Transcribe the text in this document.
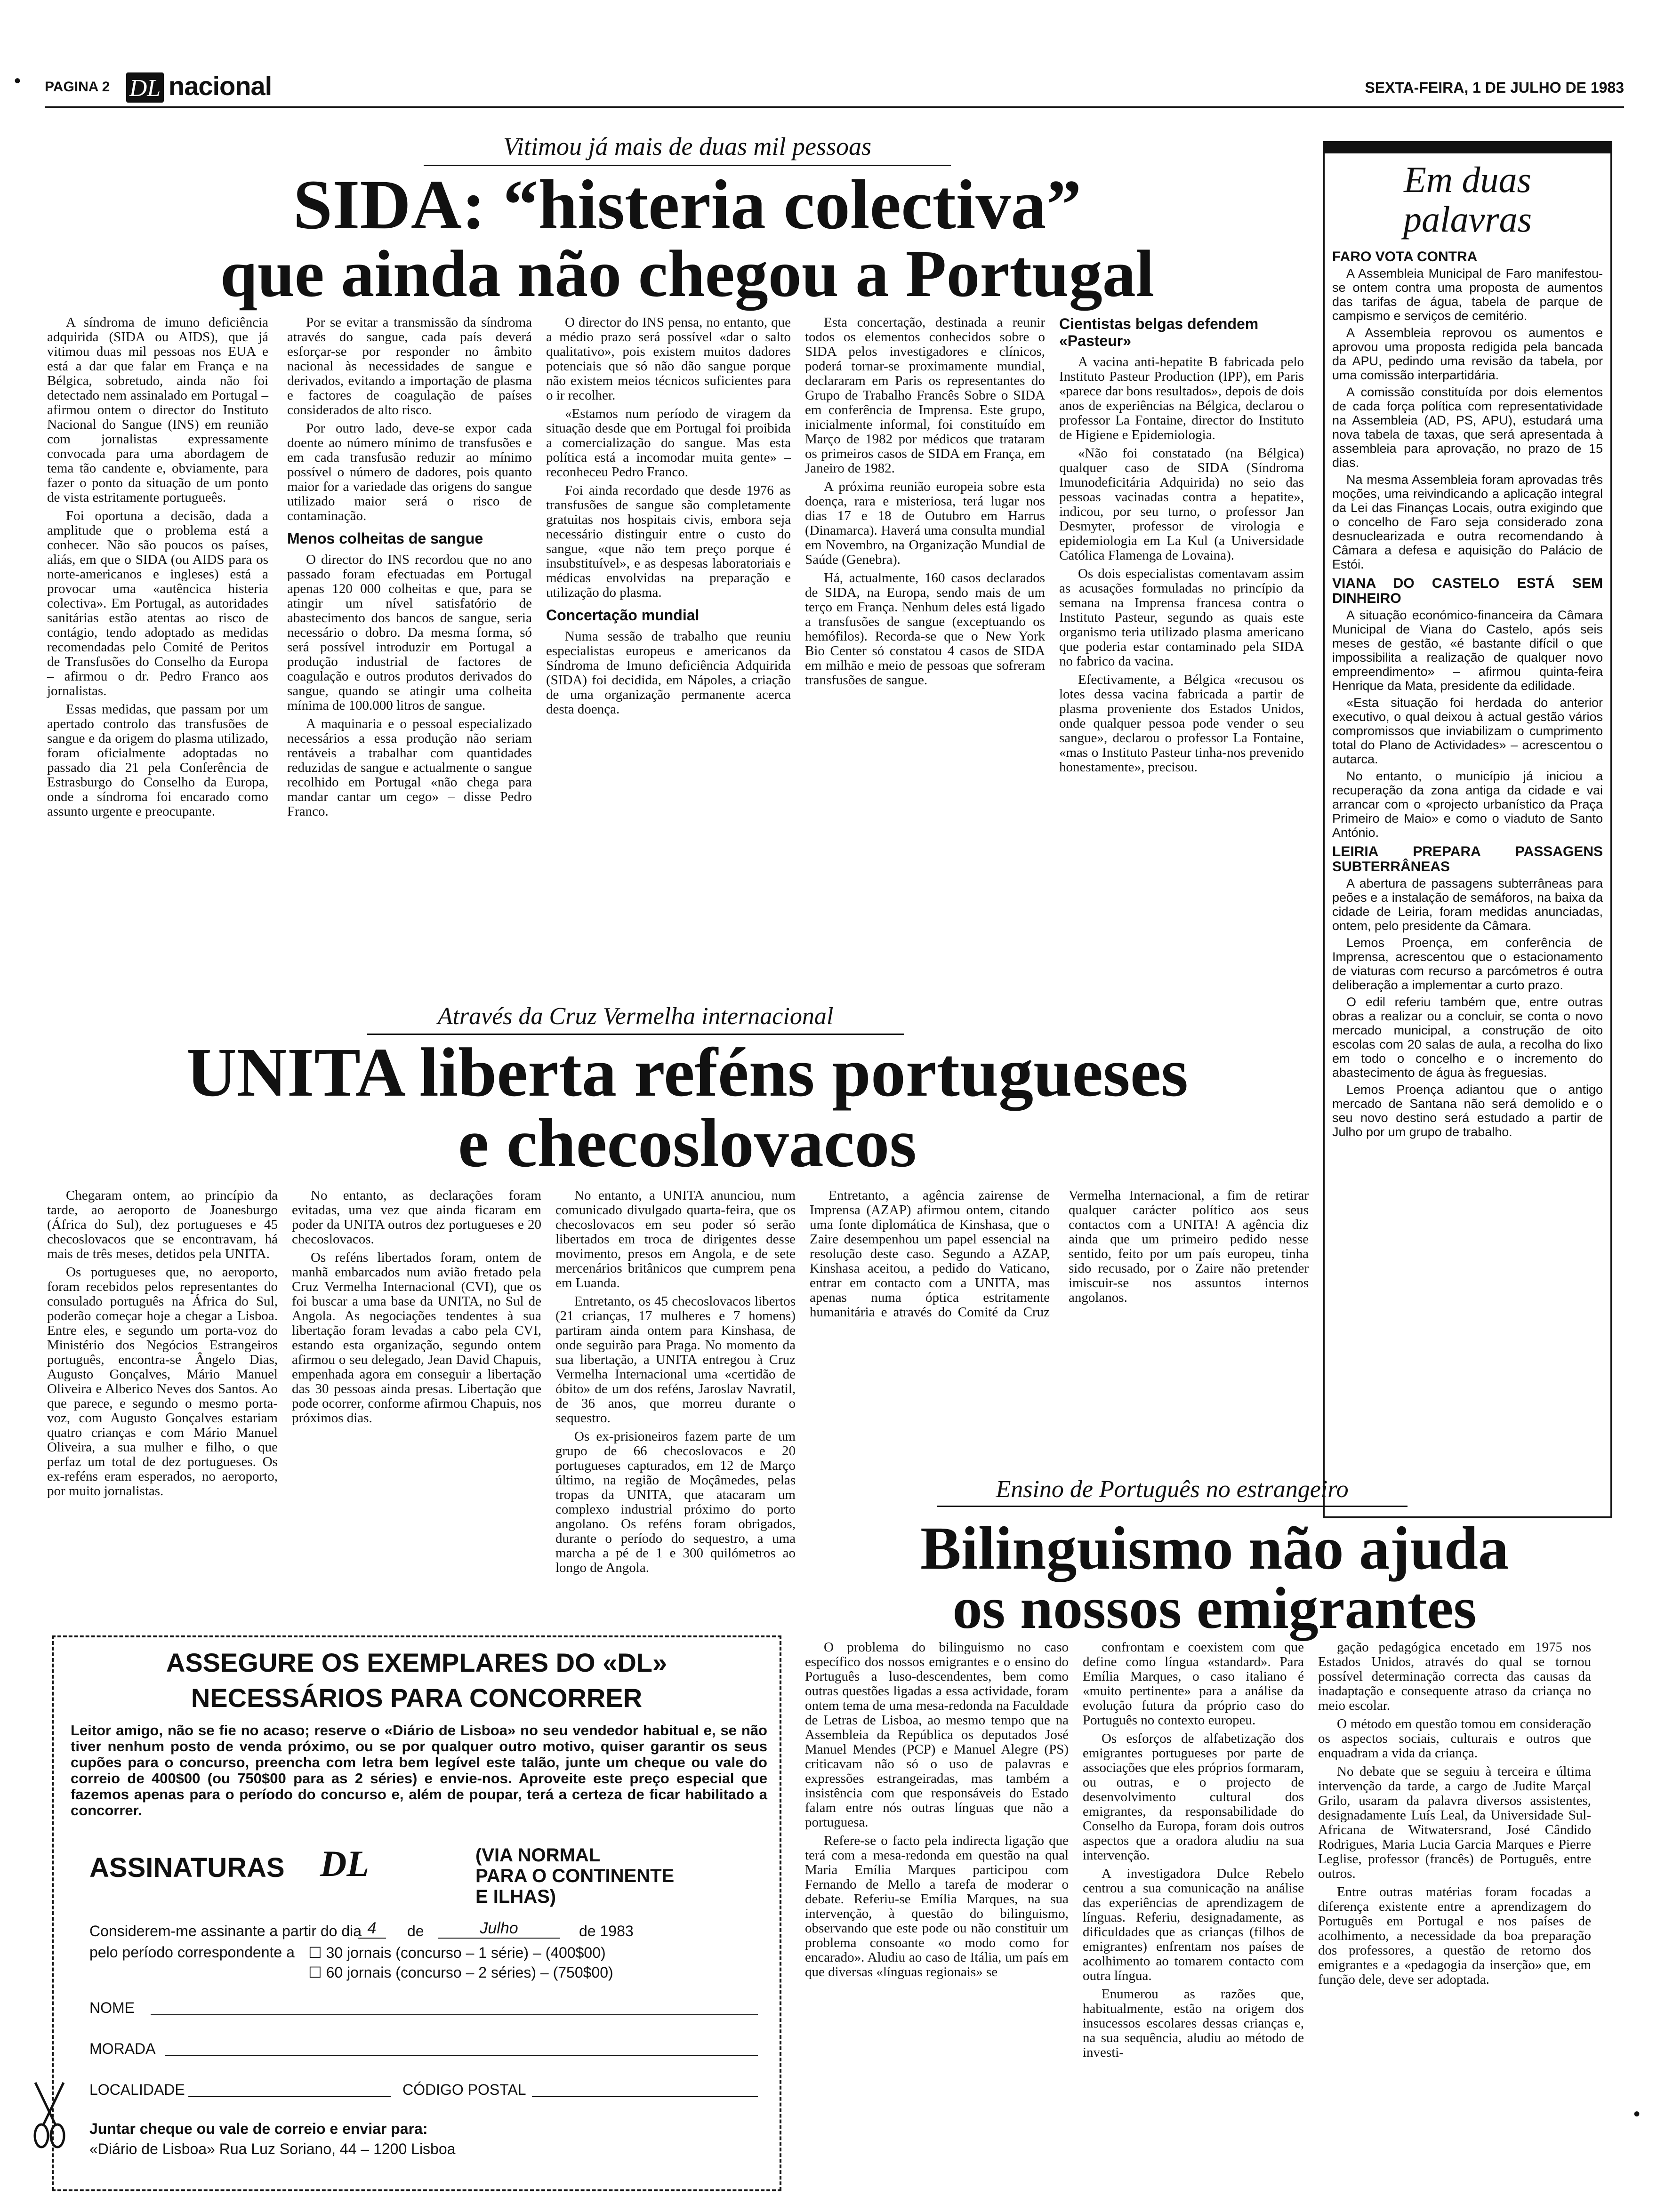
PAGINA 2 DL nacional	SEXTA-FEIRA, 1 DE JULHO DE 1983
Vitimou já mais de duas mil pessoas
SIDA: “histeria colectiva”
que ainda não chegou a Portugal

A síndroma de imuno deficiência adquirida (SIDA ou AIDS), que já vitimou duas mil pessoas nos EUA e está a dar que falar em França e na Bélgica, sobretudo, ainda não foi detectado nem assinalado em Portugal – afirmou ontem o director do Instituto Nacional do Sangue (INS) em reunião com jornalistas expressamente convocada para uma abordagem de tema tão candente e, obviamente, para fazer o ponto da situação de um ponto de vista estritamente portugueês.

Foi oportuna a decisão, dada a amplitude que o problema está a conhecer. Não são poucos os países, aliás, em que o SIDA (ou AIDS para os norte-americanos e ingleses) está a provocar uma «autêncica histeria colectiva». Em Portugal, as autoridades sanitárias estão atentas ao risco de contágio, tendo adoptado as medidas recomendadas pelo Comité de Peritos de Transfusões do Conselho da Europa – afirmou o dr. Pedro Franco aos jornalistas.

Essas medidas, que passam por um apertado controlo das transfusões de sangue e da origem do plasma utilizado, foram oficialmente adoptadas no passado dia 21 pela Conferência de Estrasburgo do Conselho da Europa, onde a síndroma foi encarado como assunto urgente e preocupante.

Por se evitar a transmissão da síndroma através do sangue, cada país deverá esforçar-se por responder no âmbito nacional às necessidades de sangue e derivados, evitando a importação de plasma e factores de coagulação de países considerados de alto risco.

Por outro lado, deve-se expor cada doente ao número mínimo de transfusões e em cada transfusão reduzir ao mínimo possível o número de dadores, pois quanto maior for a variedade das origens do sangue utilizado maior será o risco de contaminação.

Menos colheitas de sangue

O director do INS recordou que no ano passado foram efectuadas em Portugal apenas 120 000 colheitas e que, para se atingir um nível satisfatório de abastecimento dos bancos de sangue, seria necessário o dobro. Da mesma forma, só será possível introduzir em Portugal a produção industrial de factores de coagulação e outros produtos derivados do sangue, quando se atingir uma colheita mínima de 100.000 litros de sangue.

A maquinaria e o pessoal especializado necessários a essa produção não seriam rentáveis a trabalhar com quantidades reduzidas de sangue e actualmente o sangue recolhido em Portugal «não chega para mandar cantar um cego» – disse Pedro Franco.

O director do INS pensa, no entanto, que a médio prazo será possível «dar o salto qualitativo», pois existem muitos dadores potenciais que só não dão sangue porque não existem meios técnicos suficientes para o ir recolher.

«Estamos num período de viragem da situação desde que em Portugal foi proibida a comercialização do sangue. Mas esta política está a incomodar muita gente» – reconheceu Pedro Franco.

Foi ainda recordado que desde 1976 as transfusões de sangue são completamente gratuitas nos hospitais civis, embora seja necessário distinguir entre o custo do sangue, «que não tem preço porque é insubstituível», e as despesas laboratoriais e médicas envolvidas na preparação e utilização do plasma.

Concertação mundial

Numa sessão de trabalho que reuniu especialistas europeus e americanos da Síndroma de Imuno deficiência Adquirida (SIDA) foi decidida, em Nápoles, a criação de uma organização permanente acerca desta doença.

Esta concertação, destinada a reunir todos os elementos conhecidos sobre o SIDA pelos investigadores e clínicos, poderá tornar-se proximamente mundial, declararam em Paris os representantes do Grupo de Trabalho Francês Sobre o SIDA em conferência de Imprensa. Este grupo, inicialmente informal, foi constituído em Março de 1982 por médicos que trataram os primeiros casos de SIDA em França, em Janeiro de 1982.

A próxima reunião europeia sobre esta doença, rara e misteriosa, terá lugar nos dias 17 e 18 de Outubro em Harrus (Dinamarca). Haverá uma consulta mundial em Novembro, na Organização Mundial de Saúde (Genebra).

Há, actualmente, 160 casos declarados de SIDA, na Europa, sendo mais de um terço em França. Nenhum deles está ligado a transfusões de sangue (exceptuando os hemófilos). Recorda-se que o New York Bio Center só constatou 4 casos de SIDA em milhão e meio de pessoas que sofreram transfusões de sangue.

Cientistas belgas defendem «Pasteur»

A vacina anti-hepatite B fabricada pelo Instituto Pasteur Production (IPP), em Paris «parece dar bons resultados», depois de dois anos de experiências na Bélgica, declarou o professor La Fontaine, director do Instituto de Higiene e Epidemiologia.

«Não foi constatado (na Bélgica) qualquer caso de SIDA (Síndroma Imunodeficitária Adquirida) no seio das pessoas vacinadas contra a hepatite», indicou, por seu turno, o professor Jan Desmyter, professor de virologia e epidemiologia em La Kul (a Universidade Católica Flamenga de Lovaina).

Os dois especialistas comentavam assim as acusações formuladas no princípio da semana na Imprensa francesa contra o Instituto Pasteur, segundo as quais este organismo teria utilizado plasma americano que poderia estar contaminado pela SIDA no fabrico da vacina.

Efectivamente, a Bélgica «recusou os lotes dessa vacina fabricada a partir de plasma proveniente dos Estados Unidos, onde qualquer pessoa pode vender o seu sangue», declarou o professor La Fontaine, «mas o Instituto Pasteur tinha-nos prevenido honestamente», precisou.

Em duas
palavras
FARO VOTA CONTRA

A Assembleia Municipal de Faro manifestou-se ontem contra uma proposta de aumentos das tarifas de água, tabela de parque de campismo e serviços de cemitério.

A Assembleia reprovou os aumentos e aprovou uma proposta redigida pela bancada da APU, pedindo uma revisão da tabela, por uma comissão interpartidária.

A comissão constituída por dois elementos de cada força política com representatividade na Assembleia (AD, PS, APU), estudará uma nova tabela de taxas, que será apresentada à assembleia para aprovação, no prazo de 15 dias.

Na mesma Assembleia foram aprovadas três moções, uma reivindicando a aplicação integral da Lei das Finanças Locais, outra exigindo que o concelho de Faro seja considerado zona desnuclearizada e outra recomendando à Câmara a defesa e aquisição do Palácio de Estói.

VIANA DO CASTELO ESTÁ SEM DINHEIRO

A situação económico-financeira da Câmara Municipal de Viana do Castelo, após seis meses de gestão, «é bastante difícil o que impossibilita a realização de qualquer novo empreendimento» – afirmou quinta-feira Henrique da Mata, presidente da edilidade.

«Esta situação foi herdada do anterior executivo, o qual deixou à actual gestão vários compromissos que inviabilizam o cumprimento total do Plano de Actividades» – acrescentou o autarca.

No entanto, o município já iniciou a recuperação da zona antiga da cidade e vai arrancar com o «projecto urbanístico da Praça Primeiro de Maio» e como o viaduto de Santo António.

LEIRIA PREPARA PASSAGENS SUBTERRÂNEAS

A abertura de passagens subterrâneas para peões e a instalação de semáforos, na baixa da cidade de Leiria, foram medidas anunciadas, ontem, pelo presidente da Câmara.

Lemos Proença, em conferência de Imprensa, acrescentou que o estacionamento de viaturas com recurso a parcómetros é outra deliberação a implementar a curto prazo.

O edil referiu também que, entre outras obras a realizar ou a concluir, se conta o novo mercado municipal, a construção de oito escolas com 20 salas de aula, a recolha do lixo em todo o concelho e o incremento do abastecimento de água às freguesias.

Lemos Proença adiantou que o antigo mercado de Santana não será demolido e o seu novo destino será estudado a partir de Julho por um grupo de trabalho.

Através da Cruz Vermelha internacional
UNITA liberta reféns portugueses
e checoslovacos

Chegaram ontem, ao princípio da tarde, ao aeroporto de Joanesburgo (África do Sul), dez portugueses e 45 checoslovacos que se encontravam, há mais de três meses, detidos pela UNITA.

Os portugueses que, no aeroporto, foram recebidos pelos representantes do consulado português na África do Sul, poderão começar hoje a chegar a Lisboa. Entre eles, e segundo um porta-voz do Ministério dos Negócios Estrangeiros português, encontra-se Ângelo Dias, Augusto Gonçalves, Mário Manuel Oliveira e Alberico Neves dos Santos. Ao que parece, e segundo o mesmo porta-voz, com Augusto Gonçalves estariam quatro crianças e com Mário Manuel Oliveira, a sua mulher e filho, o que perfaz um total de dez portugueses. Os ex-reféns eram esperados, no aeroporto, por muito jornalistas.

No entanto, as declarações foram evitadas, uma vez que ainda ficaram em poder da UNITA outros dez portugueses e 20 checoslovacos.

Os reféns libertados foram, ontem de manhã embarcados num avião fretado pela Cruz Vermelha Internacional (CVI), que os foi buscar a uma base da UNITA, no Sul de Angola. As negociações tendentes à sua libertação foram levadas a cabo pela CVI, estando esta organização, segundo ontem afirmou o seu delegado, Jean David Chapuis, empenhada agora em conseguir a libertação das 30 pessoas ainda presas. Libertação que pode ocorrer, conforme afirmou Chapuis, nos próximos dias.

No entanto, a UNITA anunciou, num comunicado divulgado quarta-feira, que os checoslovacos em seu poder só serão libertados em troca de dirigentes desse movimento, presos em Angola, e de sete mercenários britânicos que cumprem pena em Luanda.

Entretanto, os 45 checoslovacos libertos (21 crianças, 17 mulheres e 7 homens) partiram ainda ontem para Kinshasa, de onde seguirão para Praga. No momento da sua libertação, a UNITA entregou à Cruz Vermelha Internacional uma «certidão de óbito» de um dos reféns, Jaroslav Navratil, de 36 anos, que morreu durante o sequestro.

Os ex-prisioneiros fazem parte de um grupo de 66 checoslovacos e 20 portugueses capturados, em 12 de Março último, na região de Moçâmedes, pelas tropas da UNITA, que atacaram um complexo industrial próximo do porto angolano. Os reféns foram obrigados, durante o período do sequestro, a uma marcha a pé de 1 e 300 quilómetros ao longo de Angola.

Entretanto, a agência zairense de Imprensa (AZAP) afirmou ontem, citando uma fonte diplomática de Kinshasa, que o Zaire desempenhou um papel essencial na resolução deste caso. Segundo a AZAP, Kinshasa aceitou, a pedido do Vaticano, entrar em contacto com a UNITA, mas apenas numa óptica estritamente humanitária e através do Comité da Cruz Vermelha Internacional, a fim de retirar qualquer carácter político aos seus contactos com a UNITA! A agência diz ainda que um primeiro pedido nesse sentido, feito por um país europeu, tinha sido recusado, por o Zaire não pretender imiscuir-se nos assuntos internos angolanos.

Ensino de Português no estrangeiro
Bilinguismo não ajuda
os nossos emigrantes

O problema do bilinguismo no caso específico dos nossos emigrantes e o ensino do Português a luso-descendentes, bem como outras questões ligadas a essa actividade, foram ontem tema de uma mesa-redonda na Faculdade de Letras de Lisboa, ao mesmo tempo que na Assembleia da República os deputados José Manuel Mendes (PCP) e Manuel Alegre (PS) criticavam não só o uso de palavras e expressões estrangeiradas, mas também a insistência com que responsáveis do Estado falam entre nós outras línguas que não a portuguesa.

Refere-se o facto pela indirecta ligação que terá com a mesa-redonda em questão na qual Maria Emília Marques participou com Fernando de Mello a tarefa de moderar o debate. Referiu-se Emília Marques, na sua intervenção, à questão do bilinguismo, observando que este pode ou não constituir um problema consoante «o modo como for encarado». Aludiu ao caso de Itália, um país em que diversas «línguas regionais» se

confrontam e coexistem com que define como língua «standard». Para Emília Marques, o caso italiano é «muito pertinente» para a análise da evolução futura da próprio caso do Português no contexto europeu.

Os esforços de alfabetização dos emigrantes portugueses por parte de associações que eles próprios formaram, ou outras, e o projecto de desenvolvimento cultural dos emigrantes, da responsabilidade do Conselho da Europa, foram dois outros aspectos que a oradora aludiu na sua intervenção.

A investigadora Dulce Rebelo centrou a sua comunicação na análise das experiências de aprendizagem de línguas. Referiu, designadamente, as dificuldades que as crianças (filhos de emigrantes) enfrentam nos países de acolhimento ao tomarem contacto com outra língua.

Enumerou as razões que, habitualmente, estão na origem dos insucessos escolares dessas crianças e, na sua sequência, aludiu ao método de investi-

gação pedagógica encetado em 1975 nos Estados Unidos, através do qual se tornou possível determinação correcta das causas da inadaptação e consequente atraso da criança no meio escolar.

O método em questão tomou em consideração os aspectos sociais, culturais e outros que enquadram a vida da criança.

No debate que se seguiu à terceira e última intervenção da tarde, a cargo de Judite Marçal Grilo, usaram da palavra diversos assistentes, designadamente Luís Leal, da Universidade Sul-Africana de Witwatersrand, José Cândido Rodrigues, Maria Lucia Garcia Marques e Pierre Leglise, professor (francês) de Português, entre outros.

Entre outras matérias foram focadas a diferença existente entre a aprendizagem do Português em Portugal e nos países de acolhimento, a necessidade da boa preparação dos professores, a questão de retorno dos emigrantes e a «pedagogia da inserção» que, em função dele, deve ser adoptada.

ASSEGURE OS EXEMPLARES DO «DL»
NECESSÁRIOS PARA CONCORRER
Leitor amigo, não se fie no acaso; reserve o «Diário de Lisboa» no seu vendedor habitual e, se não tiver nenhum posto de venda próximo, ou se por qualquer outro motivo, quiser garantir os seus cupões para o concurso, preencha com letra bem legível este talão, junte um cheque ou vale do correio de 400$00 (ou 750$00 para as 2 séries) e envie-nos. Aproveite este preço especial que fazemos apenas para o período do concurso e, além de poupar, terá a certeza de ficar habilitado a concorrer.
ASSINATURAS DL	(VIA NORMAL
PARA O CONTINENTE
E ILHAS)
Considerem-me assinante a partir do dia 4	de	Julho	de 1983
pelo período correspondente a ☐ 30 jornais (concurso – 1 série) – (400$00)
☐ 60 jornais (concurso – 2 séries) – (750$00)
NOME
MORADA
LOCALIDADE	CÓDIGO POSTAL
Juntar cheque ou vale de correio e enviar para:
«Diário de Lisboa» Rua Luz Soriano, 44 – 1200 Lisboa
•
•
